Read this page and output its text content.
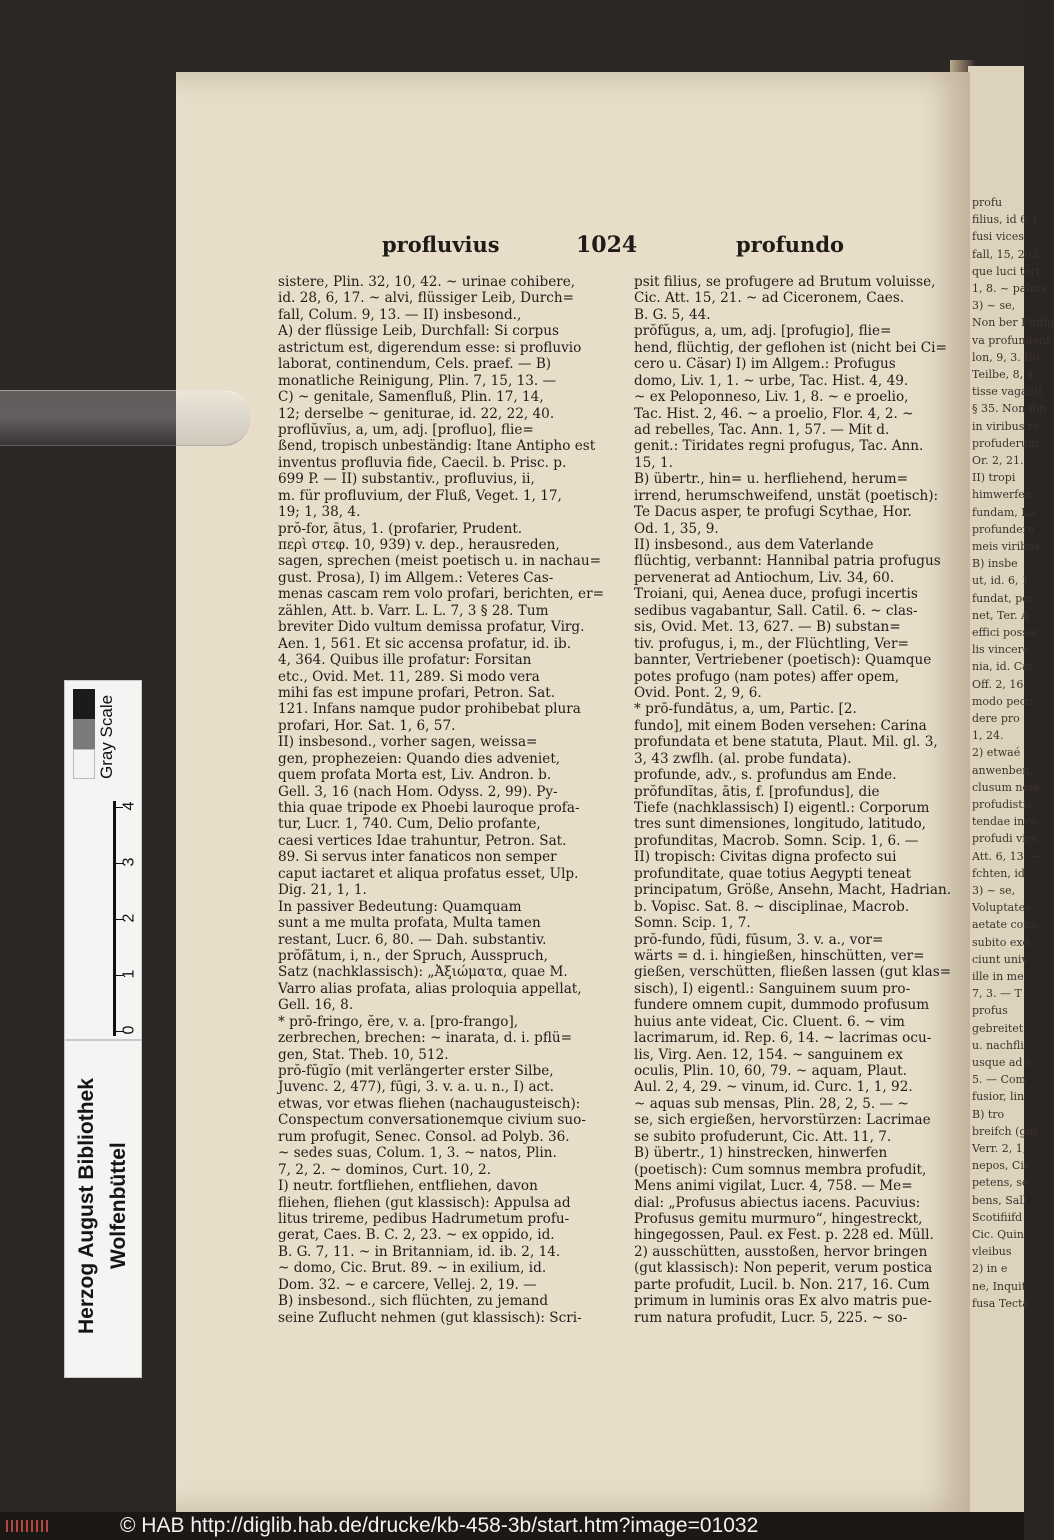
profu
filius, id 6,4
fusi vices,
fall, 15, 202.
que luci teri
1, 8. ~ palma
3) ~ se,
Non ber Fuffig
va profundent
lon, 9, 3. Bo
Teilbe, 8, 4,
tisse vagauit
§ 35. Non ibn
in viribus re
profuderunt
Or. 2, 21.
II) tropi
himwerfen:
fundam, Lo
profundere
meis viribus
B) insbe
ut, id. 6, 1
fundat, per
net, Ter. A
effici posse:
lis vincere,
nia, id. Cat
Off. 2, 16.
modo pecu
dere pro
1, 24.
2) etwaé
anwenben,
clusum nefa
profudistis,
tendae inve
profudi vire
Att. 6, 13. ~
fchten, id.
3) ~ se,
Voluptates
aetate cons
subito exo
ciunt univ
ille in me
7, 3. — T
profus
gebreitet,
u. nachfli
usque ad c
5. — Com
fusior, lin
B) tro
breifch (gut
Verr. 2, 1,
nepos, Cic
petens, se
bens, Sall
Scotifiifd
Cic. Quin
vleibus
2) in e
ne, Inquit
fusa Tecta
profluvius	1024	profundo
sistere, Plin. 32, 10, 42. ~ urinae cohibere,
id. 28, 6, 17. ~ alvi, flüssiger Leib, Durch=
fall, Colum. 9, 13. — II) insbesond.,
A) der flüssige Leib, Durchfall: Si corpus
astrictum est, digerendum esse: si profluvio
laborat, continendum, Cels. praef. — B)
monatliche Reinigung, Plin. 7, 15, 13. —
C) ~ genitale, Samenfluß, Plin. 17, 14,
12; derselbe ~ geniturae, id. 22, 22, 40.
proflŭvĭus, a, um, adj. [profluo], flie=
ßend, tropisch unbeständig: Itane Antipho est
inventus profluvia fide, Caecil. b. Prisc. p.
699 P. — II) substantiv., profluvius, ii,
m. für profluvium, der Fluß, Veget. 1, 17,
19; 1, 38, 4.
prŏ-for, ātus, 1. (profarier, Prudent.
περὶ στεφ. 10, 939) v. dep., herausreden,
sagen, sprechen (meist poetisch u. in nachau=
gust. Prosa), I) im Allgem.: Veteres Cas-
menas cascam rem volo profari, berichten, er=
zählen, Att. b. Varr. L. L. 7, 3 § 28. Tum
breviter Dido vultum demissa profatur, Virg.
Aen. 1, 561. Et sic accensa profatur, id. ib.
4, 364. Quibus ille profatur: Forsitan
etc., Ovid. Met. 11, 289. Si modo vera
mihi fas est impune profari, Petron. Sat.
121. Infans namque pudor prohibebat plura
profari, Hor. Sat. 1, 6, 57.
II) insbesond., vorher sagen, weissa=
gen, prophezeien: Quando dies adveniet,
quem profata Morta est, Liv. Andron. b.
Gell. 3, 16 (nach Hom. Odyss. 2, 99). Py-
thia quae tripode ex Phoebi lauroque profa-
tur, Lucr. 1, 740. Cum, Delio profante,
caesi vertices Idae trahuntur, Petron. Sat.
89. Si servus inter fanaticos non semper
caput iactaret et aliqua profatus esset, Ulp.
Dig. 21, 1, 1.
In passiver Bedeutung: Quamquam
sunt a me multa profata, Multa tamen
restant, Lucr. 6, 80. — Dah. substantiv.
prŏfātum, i, n., der Spruch, Ausspruch,
Satz (nachklassisch): „Ἀξιώματα, quae M.
Varro alias profata, alias proloquia appellat,
Gell. 16, 8.
* prō-fringo, ĕre, v. a. [pro-frango],
zerbrechen, brechen: ~ inarata, d. i. pflü=
gen, Stat. Theb. 10, 512.
prŏ-fŭgĭo (mit verlängerter erster Silbe,
Juvenc. 2, 477), fūgi, 3. v. a. u. n., I) act.
etwas, vor etwas fliehen (nachaugusteisch):
Conspectum conversationemque civium suo-
rum profugit, Senec. Consol. ad Polyb. 36.
~ sedes suas, Colum. 1, 3. ~ natos, Plin.
7, 2, 2. ~ dominos, Curt. 10, 2.
I) neutr. fortfliehen, entfliehen, davon
fliehen, fliehen (gut klassisch): Appulsa ad
litus trireme, pedibus Hadrumetum profu-
gerat, Caes. B. C. 2, 23. ~ ex oppido, id.
B. G. 7, 11. ~ in Britanniam, id. ib. 2, 14.
~ domo, Cic. Brut. 89. ~ in exilium, id.
Dom. 32. ~ e carcere, Vellej. 2, 19. —
B) insbesond., sich flüchten, zu jemand
seine Zuflucht nehmen (gut klassisch): Scri-
psit filius, se profugere ad Brutum voluisse,
Cic. Att. 15, 21. ~ ad Ciceronem, Caes.
B. G. 5, 44.
prŏfŭgus, a, um, adj. [profugio], flie=
hend, flüchtig, der geflohen ist (nicht bei Ci=
cero u. Cäsar) I) im Allgem.: Profugus
domo, Liv. 1, 1. ~ urbe, Tac. Hist. 4, 49.
~ ex Peloponneso, Liv. 1, 8. ~ e proelio,
Tac. Hist. 2, 46. ~ a proelio, Flor. 4, 2. ~
ad rebelles, Tac. Ann. 1, 57. — Mit d.
genit.: Tiridates regni profugus, Tac. Ann.
15, 1.
B) übertr., hin= u. herfliehend, herum=
irrend, herumschweifend, unstät (poetisch):
Te Dacus asper, te profugi Scythae, Hor.
Od. 1, 35, 9.
II) insbesond., aus dem Vaterlande
flüchtig, verbannt: Hannibal patria profugus
pervenerat ad Antiochum, Liv. 34, 60.
Troiani, qui, Aenea duce, profugi incertis
sedibus vagabantur, Sall. Catil. 6. ~ clas-
sis, Ovid. Met. 13, 627. — B) substan=
tiv. profugus, i, m., der Flüchtling, Ver=
bannter, Vertriebener (poetisch): Quamque
potes profugo (nam potes) affer opem,
Ovid. Pont. 2, 9, 6.
* prō-fundātus, a, um, Partic. [2.
fundo], mit einem Boden versehen: Carina
profundata et bene statuta, Plaut. Mil. gl. 3,
3, 43 zwflh. (al. probe fundata).
profunde, adv., s. profundus am Ende.
prŏfundĭtas, ātis, f. [profundus], die
Tiefe (nachklassisch) I) eigentl.: Corporum
tres sunt dimensiones, longitudo, latitudo,
profunditas, Macrob. Somn. Scip. 1, 6. —
II) tropisch: Civitas digna profecto sui
profunditate, quae totius Aegypti teneat
principatum, Größe, Ansehn, Macht, Hadrian.
b. Vopisc. Sat. 8. ~ disciplinae, Macrob.
Somn. Scip. 1, 7.
prŏ-fundo, fūdi, fūsum, 3. v. a., vor=
wärts = d. i. hingießen, hinschütten, ver=
gießen, verschütten, fließen lassen (gut klas=
sisch), I) eigentl.: Sanguinem suum pro-
fundere omnem cupit, dummodo profusum
huius ante videat, Cic. Cluent. 6. ~ vim
lacrimarum, id. Rep. 6, 14. ~ lacrimas ocu-
lis, Virg. Aen. 12, 154. ~ sanguinem ex
oculis, Plin. 10, 60, 79. ~ aquam, Plaut.
Aul. 2, 4, 29. ~ vinum, id. Curc. 1, 1, 92.
~ aquas sub mensas, Plin. 28, 2, 5. — ~
se, sich ergießen, hervorstürzen: Lacrimae
se subito profuderunt, Cic. Att. 11, 7.
B) übertr., 1) hinstrecken, hinwerfen
(poetisch): Cum somnus membra profudit,
Mens animi vigilat, Lucr. 4, 758. — Me=
dial: „Profusus abiectus iacens. Pacuvius:
Profusus gemitu murmuro“, hingestreckt,
hingegossen, Paul. ex Fest. p. 228 ed. Müll.
2) ausschütten, ausstoßen, hervor bringen
(gut klassisch): Non peperit, verum postica
parte profudit, Lucil. b. Non. 217, 16. Cum
primum in luminis oras Ex alvo matris pue-
rum natura profudit, Lucr. 5, 225. ~ so-
Gray Scale
4
3
2
1
0
Herzog August Bibliothek Wolfenbüttel
© HAB http://diglib.hab.de/drucke/kb-458-3b/start.htm?image=01032
